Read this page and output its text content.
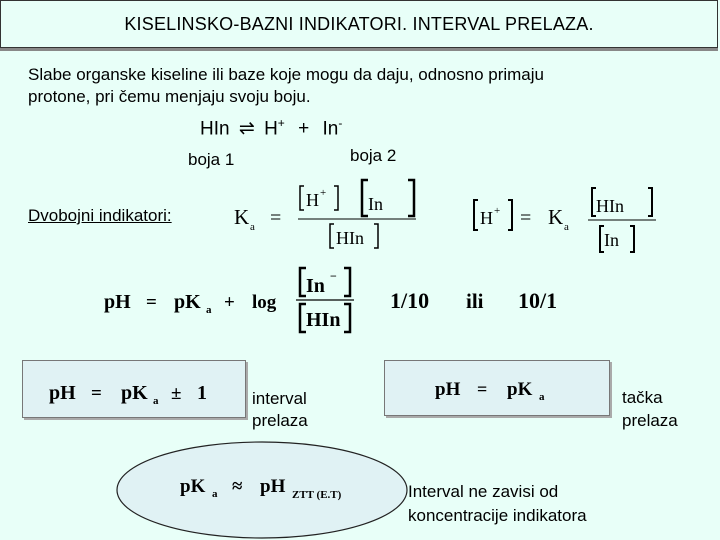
KISELINSKO-BAZNI INDIKATORI. INTERVAL PRELAZA.
Slabe organske kiseline ili baze koje mogu da daju, odnosno primaju
protone, pri čemu menjaju svoju boju.
HIn ⇌ H+ + In-
boja 1	boja 2
Dvobojni indikatori:	K a =
H +
In
HIn
H + = K a
HIn
In
pH = pK a + log
In −
HIn
1/10 ili 10/1
pH = pK a ± 1	interval
prelaza
pH = pK a	tačka
prelaza
pK a ≈ pH ZTT (E.T)	Interval ne zavisi od
koncentracije indikatora
